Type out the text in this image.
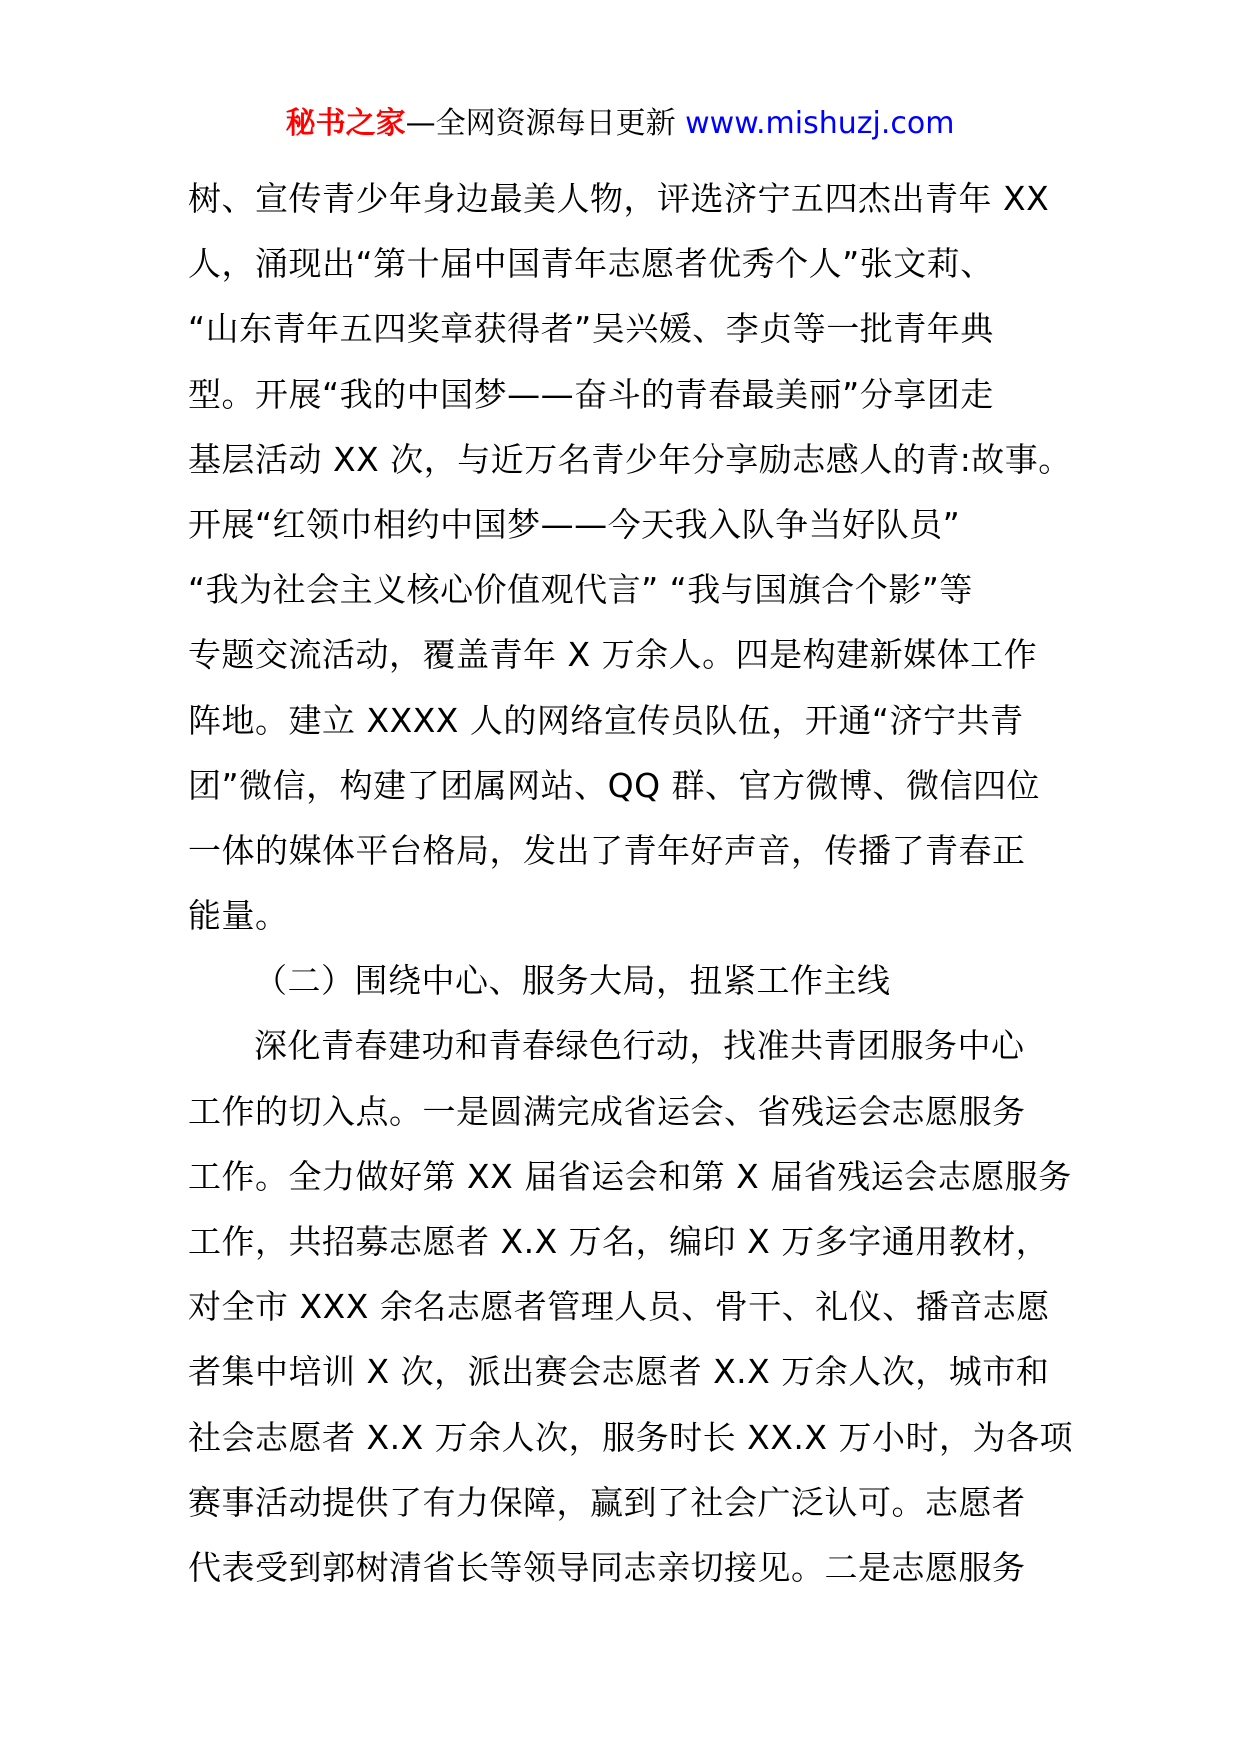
秘书之家—全网资源每日更新 www.mishuzj.com
树、宣传青少年身边最美人物，评选济宁五四杰出青年 XX
人，涌现出“第十届中国青年志愿者优秀个人”张文莉、
“山东青年五四奖章获得者”吴兴媛、李贞等一批青年典
型。开展“我的中国梦——奋斗的青春最美丽”分享团走
基层活动 XX 次，与近万名青少年分享励志感人的青:故事。
开展“红领巾相约中国梦——今天我入队争当好队员”
“我为社会主义核心价值观代言” “我与国旗合个影”等
专题交流活动，覆盖青年 X 万余人。四是构建新媒体工作
阵地。建立 XXXX 人的网络宣传员队伍，开通“济宁共青
团”微信，构建了团属网站、QQ 群、官方微博、微信四位
一体的媒体平台格局，发出了青年好声音，传播了青春正
能量。
（二）围绕中心、服务大局，扭紧工作主线
深化青春建功和青春绿色行动，找准共青团服务中心
工作的切入点。一是圆满完成省运会、省残运会志愿服务
工作。全力做好第 XX 届省运会和第 X 届省残运会志愿服务
工作，共招募志愿者 X.X 万名，编印 X 万多字通用教材，
对全市 XXX 余名志愿者管理人员、骨干、礼仪、播音志愿
者集中培训 X 次，派出赛会志愿者 X.X 万余人次，城市和
社会志愿者 X.X 万余人次，服务时长 XX.X 万小时，为各项
赛事活动提供了有力保障，赢到了社会广泛认可。志愿者
代表受到郭树清省长等领导同志亲切接见。二是志愿服务
